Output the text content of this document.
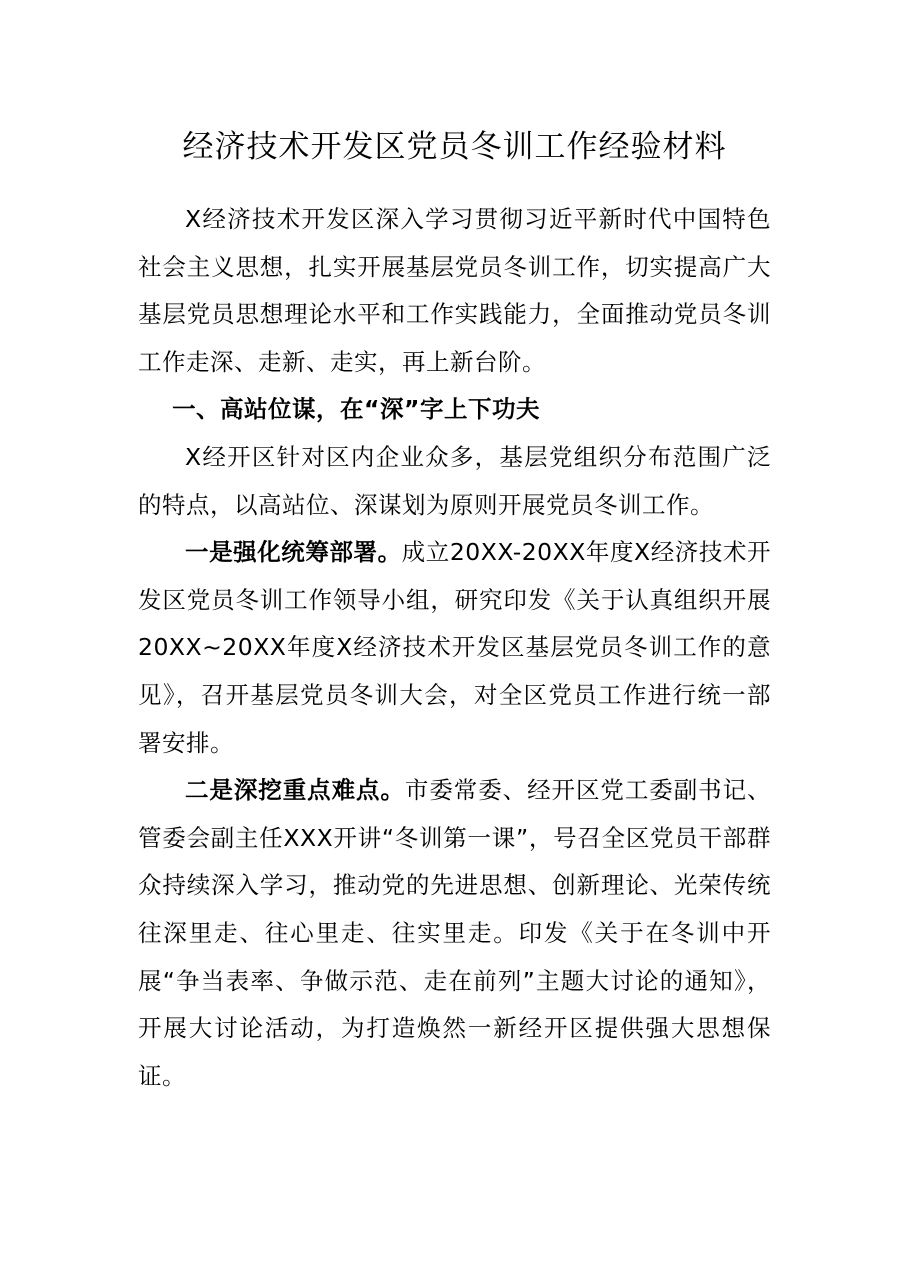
经济技术开发区党员冬训工作经验材料

X经济技术开发区深入学习贯彻习近平新时代中国特色社会主义思想，扎实开展基层党员冬训工作，切实提高广大基层党员思想理论水平和工作实践能力，全面推动党员冬训工作走深、走新、走实，再上新台阶。

一、高站位谋，在“深”字上下功夫

X经开区针对区内企业众多，基层党组织分布范围广泛的特点，以高站位、深谋划为原则开展党员冬训工作。

一是强化统筹部署。成立20XX-20XX年度X经济技术开发区党员冬训工作领导小组，研究印发《关于认真组织开展20XX~20XX年度X经济技术开发区基层党员冬训工作的意见》，召开基层党员冬训大会，对全区党员工作进行统一部署安排。

二是深挖重点难点。市委常委、经开区党工委副书记、管委会副主任XXX开讲“冬训第一课”，号召全区党员干部群众持续深入学习，推动党的先进思想、创新理论、光荣传统往深里走、往心里走、往实里走。印发《关于在冬训中开展“争当表率、争做示范、走在前列”主题大讨论的通知》，开展大讨论活动，为打造焕然一新经开区提供强大思想保证。
